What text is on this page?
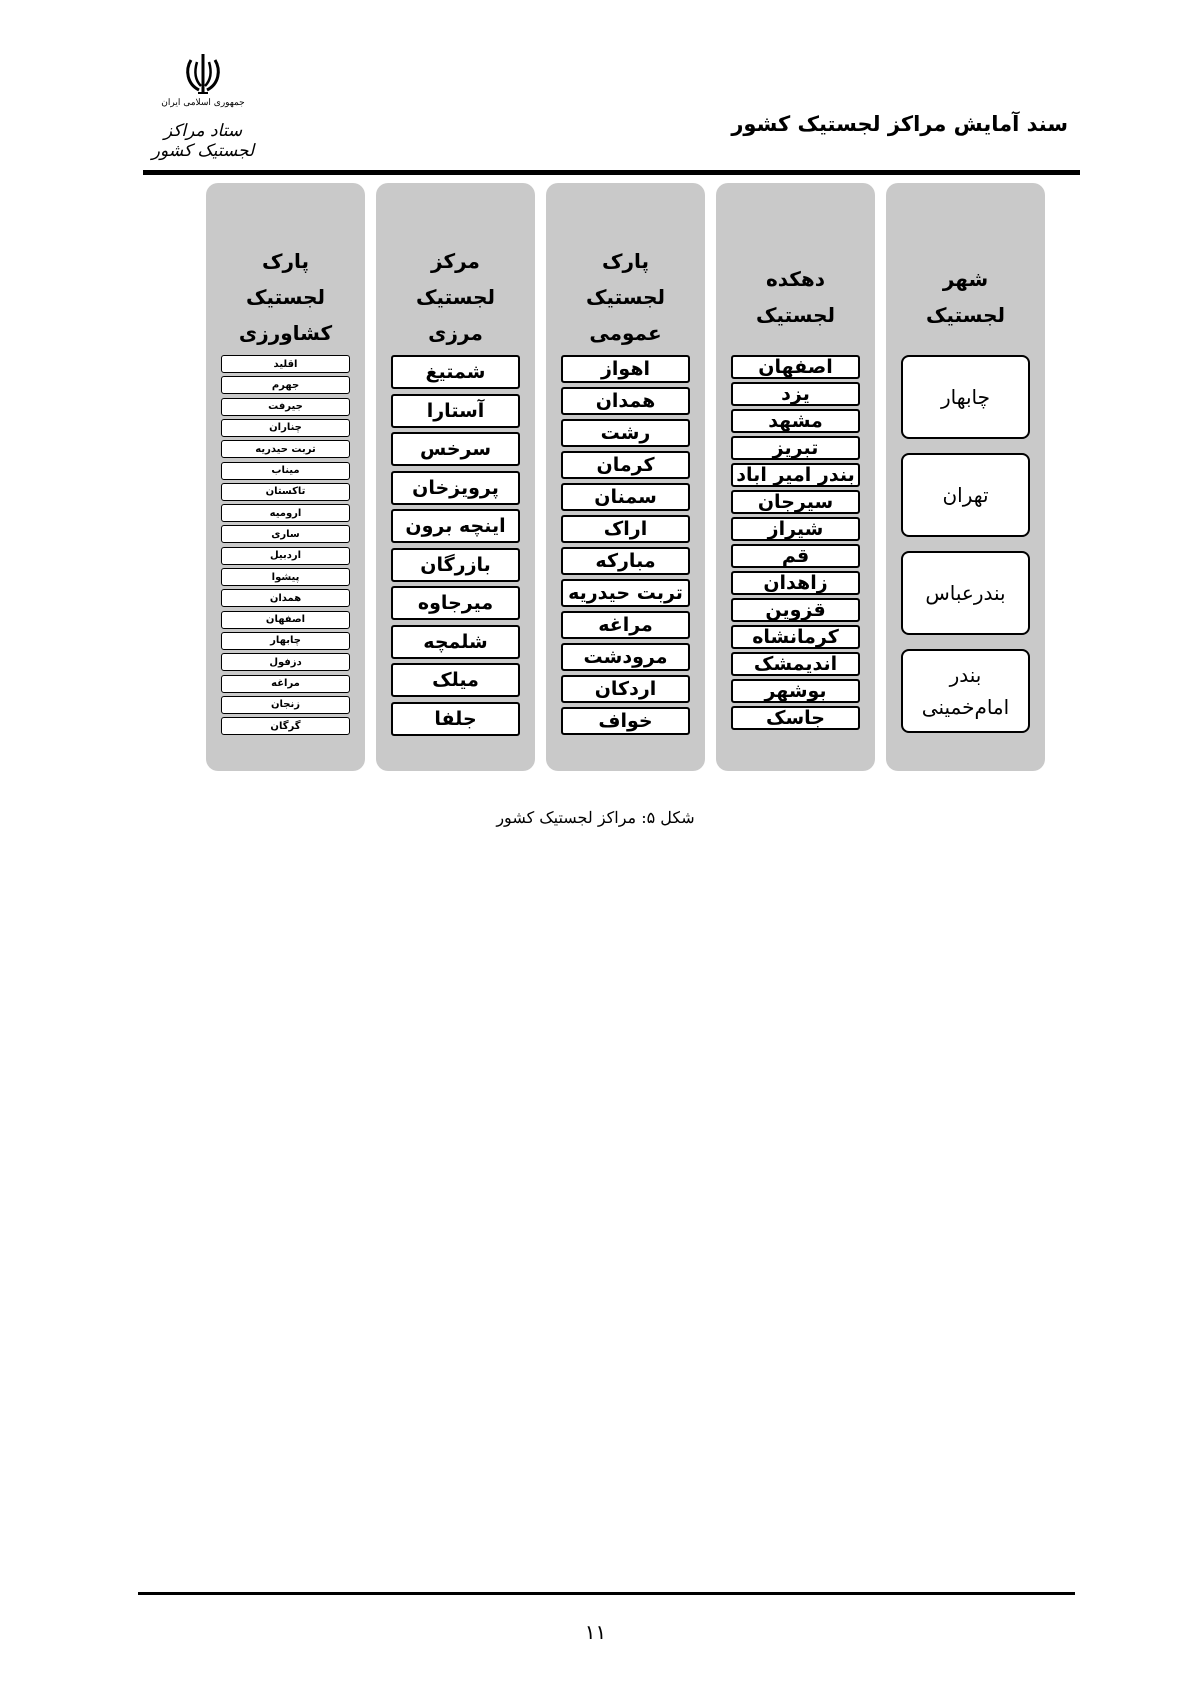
جمهوری اسلامی ایران
ستاد مراکز لجستیک کشور
سند آمایش مراکز لجستیک کشور
شهر لجستیک
چابهار
تهران
بندرعباس
بندر امام‌خمینی
دهکده لجستیک
اصفهان
یزد
مشهد
تبریز
بندر امیر اباد
سیرجان
شیراز
قم
زاهدان
قزوین
کرمانشاه
اندیمشک
بوشهر
جاسک
پارک لجستیک عمومی
اهواز
همدان
رشت
کرمان
سمنان
اراک
مبارکه
تربت حیدریه
مراغه
مرودشت
اردکان
خواف
مرکز لجستیک مرزی
شمتیغ
آستارا
سرخس
پرویزخان
اینچه برون
بازرگان
میرجاوه
شلمچه
میلک
جلفا
پارک لجستیک کشاورزی
اقلید
جهرم
جیرفت
چناران
تربت حیدریه
میناب
تاکستان
ارومیه
ساری
اردبیل
پیشوا
همدان
اصفهان
چابهار
دزفول
مراغه
زنجان
گرگان
شکل ۵: مراکز لجستیک کشور
۱۱
